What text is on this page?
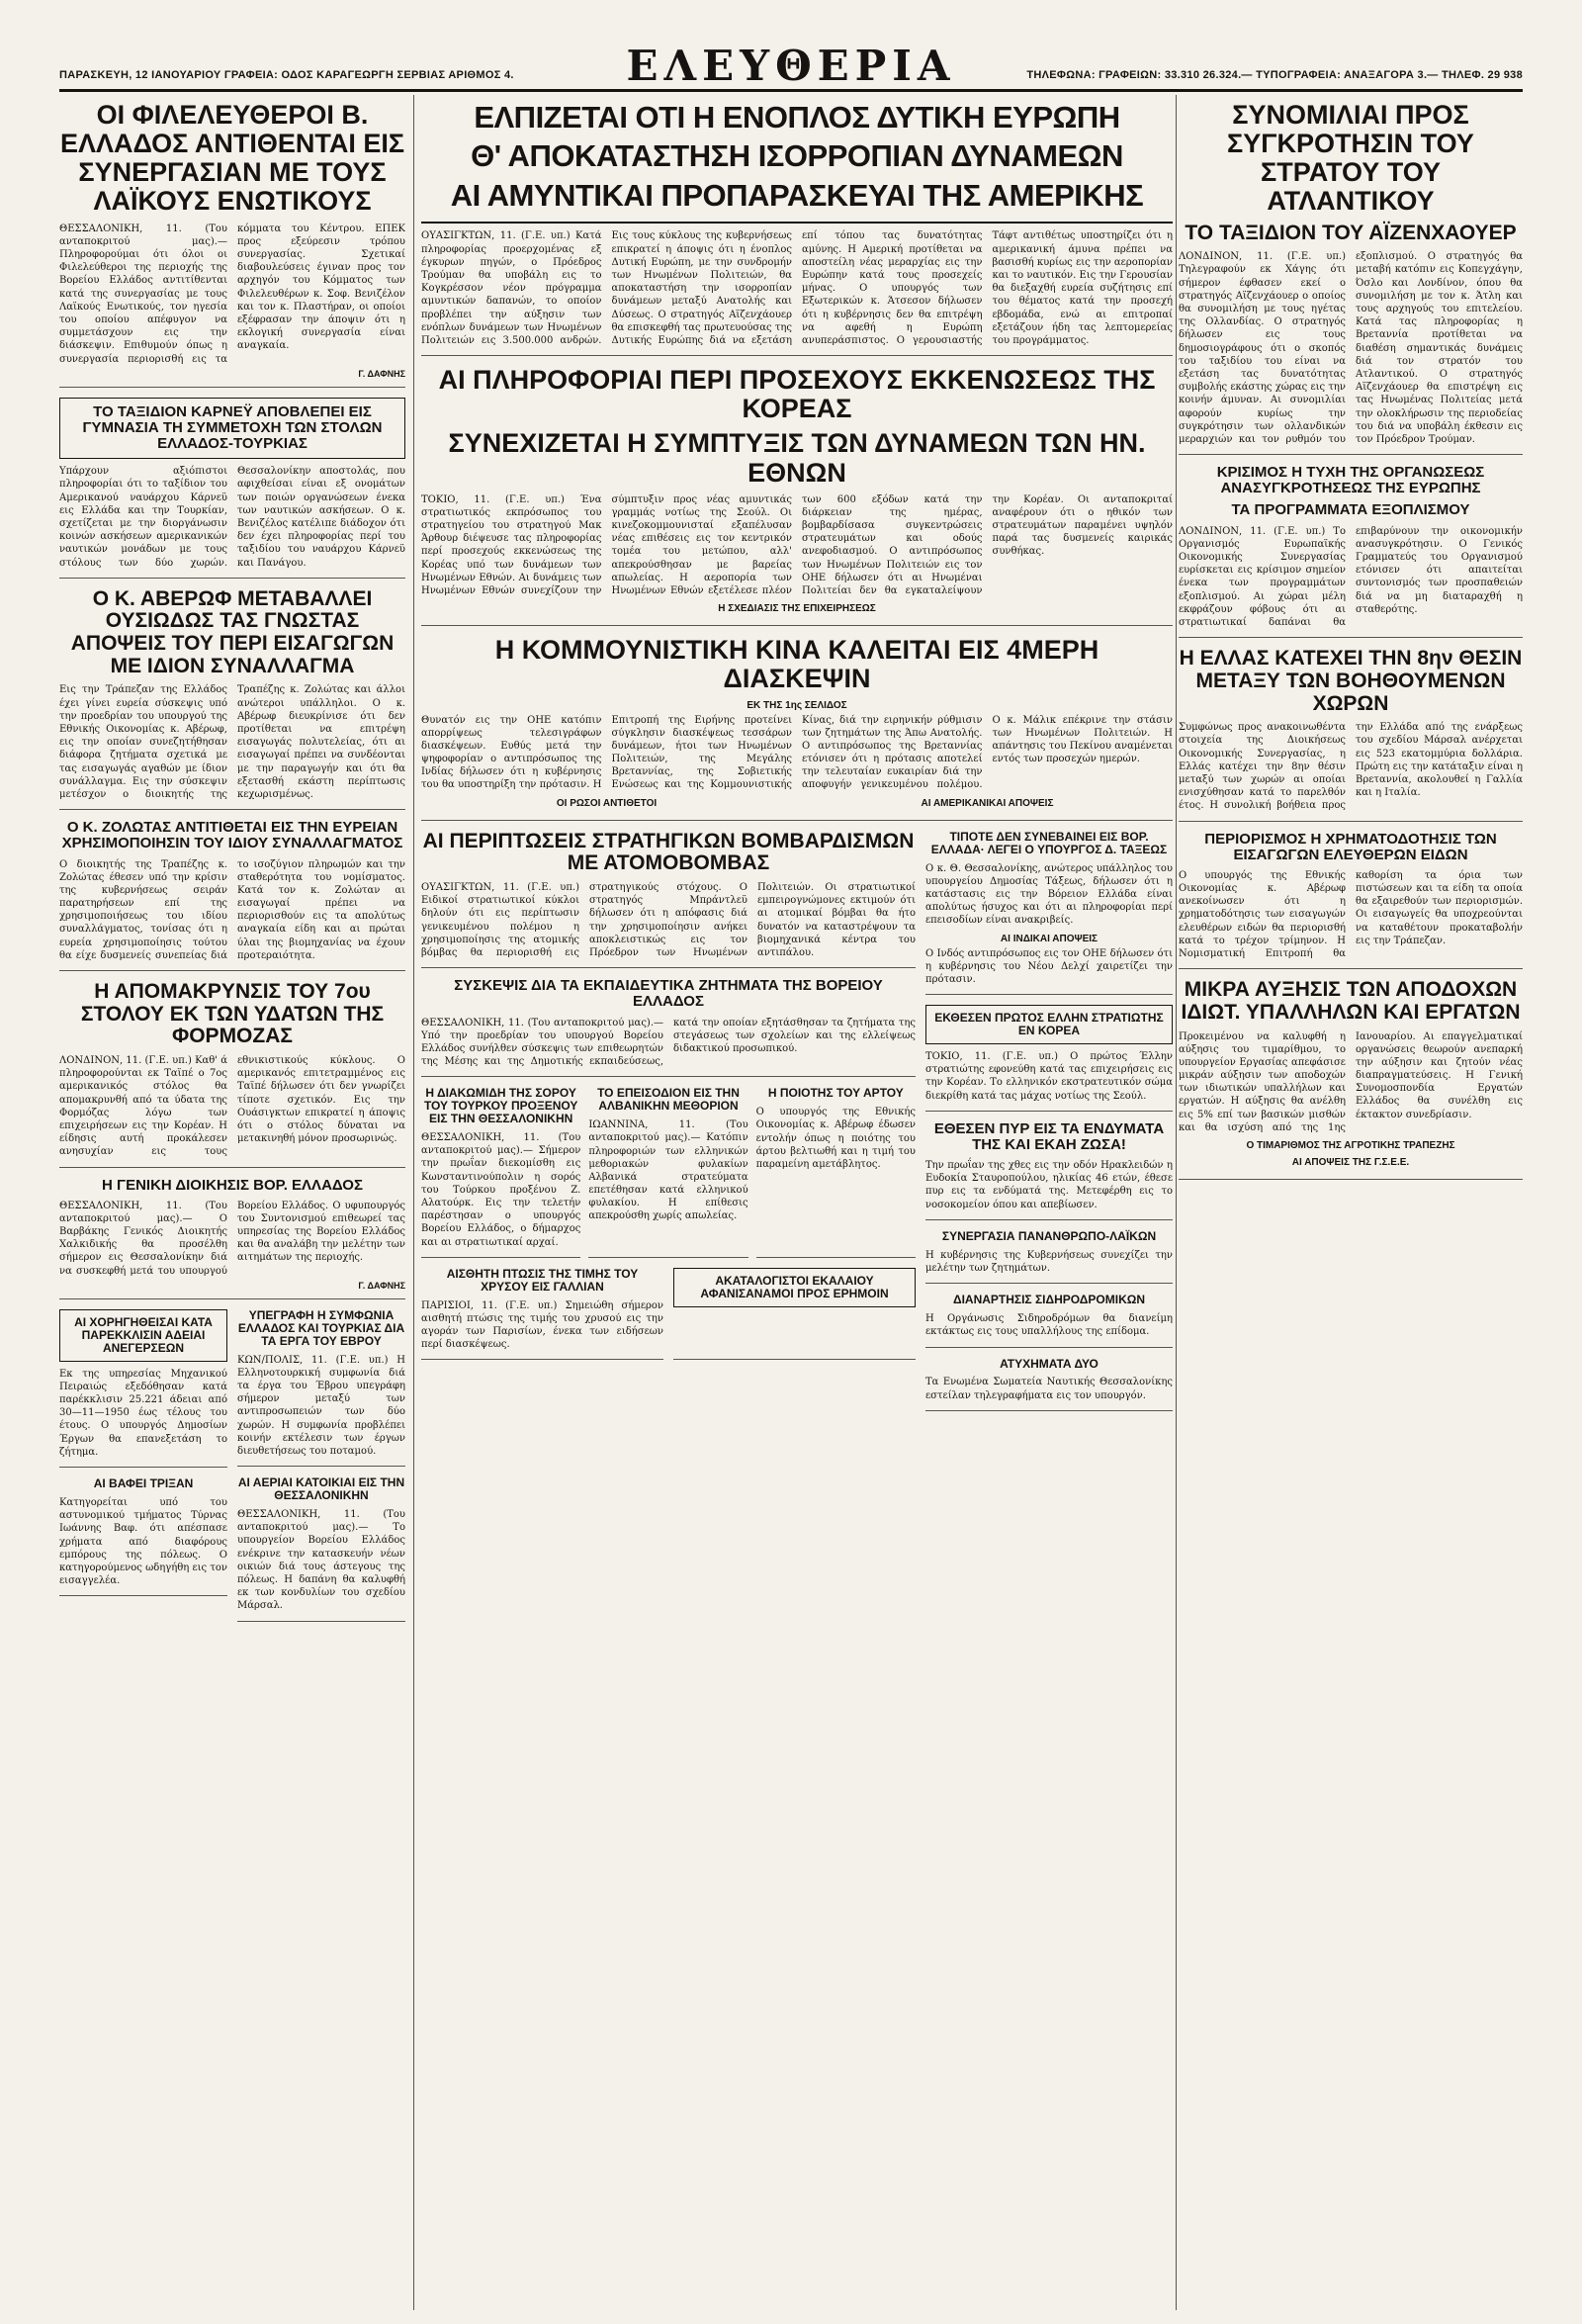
ΠΑΡΑΣΚΕΥΗ, 12 ΙΑΝΟΥΑΡΙΟΥ ΓΡΑΦΕΙΑ: ΟΔΟΣ ΚΑΡΑΓΕΩΡΓΗ ΣΕΡΒΙΑΣ ΑΡΙΘΜΟΣ 4.	ΕΛΕΥΘΕΡΙΑ	ΤΗΛΕΦΩΝΑ: ΓΡΑΦΕΙΩΝ: 33.310 26.324.— ΤΥΠΟΓΡΑΦΕΙΑ: ΑΝΑΞΑΓΟΡΑ 3.— ΤΗΛΕΦ. 29 938
ΟΙ ΦΙΛΕΛΕΥΘΕΡΟΙ Β. ΕΛΛΑΔΟΣ ΑΝΤΙΘΕΝΤΑΙ ΕΙΣ ΣΥΝΕΡΓΑΣΙΑΝ ΜΕ ΤΟΥΣ ΛΑΪΚΟΥΣ ΕΝΩΤΙΚΟΥΣ

ΘΕΣΣΑΛΟΝΙΚΗ, 11. (Του ανταποκριτού μας).— Πληροφορούμαι ότι όλοι οι Φιλελεύθεροι της περιοχής της Βορείου Ελλάδος αντιτίθενται κατά της συνεργασίας με τους Λαϊκούς Ενωτικούς, τον ηγεσία του οποίου απέφυγον να συμμετάσχουν εις την διάσκεψιν. Επιθυμούν όπως η συνεργασία περιορισθή εις τα κόμματα του Κέντρου. ΕΠΕΚ προς εξεύρεσιν τρόπου συνεργασίας. Σχετικαί διαβουλεύσεις έγιναν προς τον αρχηγόν του Κόμματος των Φιλελευθέρων κ. Σοφ. Βενιζέλον και τον κ. Πλαστήραν, οι οποίοι εξέφρασαν την άποψιν ότι η εκλογική συνεργασία είναι αναγκαία.

Γ. ΔΑΦΝΗΣ
ΤΟ ΤΑΞΙΔΙΟΝ ΚΑΡΝΕΫ ΑΠΟΒΛΕΠΕΙ ΕΙΣ ΓΥΜΝΑΣΙΑ ΤΗ ΣΥΜΜΕΤΟΧΗ ΤΩΝ ΣΤΟΛΩΝ ΕΛΛΑΔΟΣ-ΤΟΥΡΚΙΑΣ

Υπάρχουν αξιόπιστοι πληροφορίαι ότι το ταξίδιον του Αμερικανού ναυάρχου Κάρνεϋ εις Ελλάδα και την Τουρκίαν, σχετίζεται με την διοργάνωσιν κοινών ασκήσεων αμερικανικών ναυτικών μονάδων με τους στόλους των δύο χωρών. Θεσσαλονίκην αποστολάς, που αφιχθείσαι είναι εξ ονομάτων των ποιών οργανώσεων ένεκα των ναυτικών ασκήσεων. Ο κ. Βενιζέλος κατέλιπε διάδοχον ότι δεν έχει πληροφορίας περί του ταξιδίου του ναυάρχου Κάρνεϋ και Πανάγου.

Ο Κ. ΑΒΕΡΩΦ ΜΕΤΑΒΑΛΛΕΙ ΟΥΣΙΩΔΩΣ ΤΑΣ ΓΝΩΣΤΑΣ ΑΠΟΨΕΙΣ ΤΟΥ ΠΕΡΙ ΕΙΣΑΓΩΓΩΝ ΜΕ ΙΔΙΟΝ ΣΥΝΑΛΛΑΓΜΑ

Εις την Τράπεζαν της Ελλάδος έχει γίνει ευρεία σύσκεψις υπό την προεδρίαν του υπουργού της Εθνικής Οικονομίας κ. Αβέρωφ, εις την οποίαν συνεζητήθησαν διάφορα ζητήματα σχετικά με τας εισαγωγάς αγαθών με ίδιον συνάλλαγμα. Εις την σύσκεψιν μετέσχον ο διοικητής της Τραπέζης κ. Ζολώτας και άλλοι ανώτεροι υπάλληλοι. Ο κ. Αβέρωφ διευκρίνισε ότι δεν προτίθεται να επιτρέψη εισαγωγάς πολυτελείας, ότι αι εισαγωγαί πρέπει να συνδέονται με την παραγωγήν και ότι θα εξετασθή εκάστη περίπτωσις κεχωρισμένως.

Ο Κ. ΖΟΛΩΤΑΣ ΑΝΤΙΤΙΘΕΤΑΙ ΕΙΣ ΤΗΝ ΕΥΡΕΙΑΝ ΧΡΗΣΙΜΟΠΟΙΗΣΙΝ ΤΟΥ ΙΔΙΟΥ ΣΥΝΑΛΛΑΓΜΑΤΟΣ

Ο διοικητής της Τραπέζης κ. Ζολώτας έθεσεν υπό την κρίσιν της κυβερνήσεως σειράν παρατηρήσεων επί της χρησιμοποιήσεως του ιδίου συναλλάγματος, τονίσας ότι η ευρεία χρησιμοποίησις τούτου θα είχε δυσμενείς συνεπείας διά το ισοζύγιον πληρωμών και την σταθερότητα του νομίσματος. Κατά τον κ. Ζολώταν αι εισαγωγαί πρέπει να περιορισθούν εις τα απολύτως αναγκαία είδη και αι πρώται ύλαι της βιομηχανίας να έχουν προτεραιότητα.

Η ΑΠΟΜΑΚΡΥΝΣΙΣ ΤΟΥ 7ου ΣΤΟΛΟΥ ΕΚ ΤΩΝ ΥΔΑΤΩΝ ΤΗΣ ΦΟΡΜΟΖΑΣ

ΛΟΝΔΙΝΟΝ, 11. (Γ.Ε. υπ.) Καθ' ά πληροφορούνται εκ Ταϊπέ ο 7ος αμερικανικός στόλος θα απομακρυνθή από τα ύδατα της Φορμόζας λόγω των επιχειρήσεων εις την Κορέαν. Η είδησις αυτή προκάλεσεν ανησυχίαν εις τους εθνικιστικούς κύκλους. Ο αμερικανός επιτετραμμένος εις Ταϊπέ δήλωσεν ότι δεν γνωρίζει τίποτε σχετικόν. Εις την Ουάσιγκτων επικρατεί η άποψις ότι ο στόλος δύναται να μετακινηθή μόνον προσωρινώς.

Η ΓΕΝΙΚΗ ΔΙΟΙΚΗΣΙΣ ΒΟΡ. ΕΛΛΑΔΟΣ

ΘΕΣΣΑΛΟΝΙΚΗ, 11. (Του ανταποκριτού μας).— Ο Βαρβάκης Γενικός Διοικητής Χαλκιδικής θα προσέλθη σήμερον εις Θεσσαλονίκην διά να συσκεφθή μετά του υπουργού Βορείου Ελλάδος. Ο υφυπουργός του Συντονισμού επιθεωρεί τας υπηρεσίας της Βορείου Ελλάδος και θα αναλάβη την μελέτην των αιτημάτων της περιοχής.

Γ. ΔΑΦΝΗΣ
ΑΙ ΧΟΡΗΓΗΘΕΙΣΑΙ ΚΑΤΑ ΠΑΡΕΚΚΛΙΣΙΝ ΑΔΕΙΑΙ ΑΝΕΓΕΡΣΕΩΝ

Εκ της υπηρεσίας Μηχανικού Πειραιώς εξεδόθησαν κατά παρέκκλισιν 25.221 άδειαι από 30—11—1950 έως τέλους του έτους. Ο υπουργός Δημοσίων Έργων θα επανεξετάση το ζήτημα.

ΑΙ ΒΑΦΕΙ ΤΡΙΞΑΝ

Κατηγορείται υπό του αστυνομικού τμήματος Τύρνας Ιωάννης Βαφ. ότι απέσπασε χρήματα από διαφόρους εμπόρους της πόλεως. Ο κατηγορούμενος ωδηγήθη εις τον εισαγγελέα.

ΥΠΕΓΡΑΦΗ Η ΣΥΜΦΩΝΙΑ ΕΛΛΑΔΟΣ ΚΑΙ ΤΟΥΡΚΙΑΣ ΔΙΑ ΤΑ ΕΡΓΑ ΤΟΥ ΕΒΡΟΥ

ΚΩΝ/ΠΟΛΙΣ, 11. (Γ.Ε. υπ.) Η Ελληνοτουρκική συμφωνία διά τα έργα του Έβρου υπεγράφη σήμερον μεταξύ των αντιπροσωπειών των δύο χωρών. Η συμφωνία προβλέπει κοινήν εκτέλεσιν των έργων διευθετήσεως του ποταμού.

ΑΙ ΑΕΡΙΑΙ ΚΑΤΟΙΚΙΑΙ ΕΙΣ ΤΗΝ ΘΕΣΣΑΛΟΝΙΚΗΝ

ΘΕΣΣΑΛΟΝΙΚΗ, 11. (Του ανταποκριτού μας).— Το υπουργείον Βορείου Ελλάδος ενέκρινε την κατασκευήν νέων οικιών διά τους άστεγους της πόλεως. Η δαπάνη θα καλυφθή εκ των κονδυλίων του σχεδίου Μάρσαλ.

ΕΛΠΙΖΕΤΑΙ ΟΤΙ Η ΕΝΟΠΛΟΣ ΔΥΤΙΚΗ ΕΥΡΩΠΗ
Θ' ΑΠΟΚΑΤΑΣΤΗΣΗ ΙΣΟΡΡΟΠΙΑΝ ΔΥΝΑΜΕΩΝ
ΑΙ ΑΜΥΝΤΙΚΑΙ ΠΡΟΠΑΡΑΣΚΕΥΑΙ ΤΗΣ ΑΜΕΡΙΚΗΣ

ΟΥΑΣΙΓΚΤΩΝ, 11. (Γ.Ε. υπ.) Κατά πληροφορίας προερχομένας εξ έγκυρων πηγών, ο Πρόεδρος Τρούμαν θα υποβάλη εις το Κογκρέσσον νέον πρόγραμμα αμυντικών δαπανών, το οποίον προβλέπει την αύξησιν των ενόπλων δυνάμεων των Ηνωμένων Πολιτειών εις 3.500.000 ανδρών. Εις τους κύκλους της κυβερνήσεως επικρατεί η άποψις ότι η ένοπλος Δυτική Ευρώπη, με την συνδρομήν των Ηνωμένων Πολιτειών, θα αποκαταστήση την ισορροπίαν δυνάμεων μεταξύ Ανατολής και Δύσεως. Ο στρατηγός Αϊζενχάουερ θα επισκεφθή τας πρωτευούσας της Δυτικής Ευρώπης διά να εξετάση επί τόπου τας δυνατότητας αμύνης. Η Αμερική προτίθεται να αποστείλη νέας μεραρχίας εις την Ευρώπην κατά τους προσεχείς μήνας. Ο υπουργός των Εξωτερικών κ. Άτσεσον δήλωσεν ότι η κυβέρνησις δεν θα επιτρέψη να αφεθή η Ευρώπη ανυπεράσπιστος. Ο γερουσιαστής Τάφτ αντιθέτως υποστηρίζει ότι η αμερικανική άμυνα πρέπει να βασισθή κυρίως εις την αεροπορίαν και το ναυτικόν. Εις την Γερουσίαν θα διεξαχθή ευρεία συζήτησις επί του θέματος κατά την προσεχή εβδομάδα, ενώ αι επιτροπαί εξετάζουν ήδη τας λεπτομερείας του προγράμματος.

ΑΙ ΠΛΗΡΟΦΟΡΙΑΙ ΠΕΡΙ ΠΡΟΣΕΧΟΥΣ ΕΚΚΕΝΩΣΕΩΣ ΤΗΣ ΚΟΡΕΑΣ
ΣΥΝΕΧΙΖΕΤΑΙ Η ΣΥΜΠΤΥΞΙΣ ΤΩΝ ΔΥΝΑΜΕΩΝ ΤΩΝ ΗΝ. ΕΘΝΩΝ

ΤΟΚΙΟ, 11. (Γ.Ε. υπ.) Ένα στρατιωτικός εκπρόσωπος του στρατηγείου του στρατηγού Μακ Άρθουρ διέψευσε τας πληροφορίας περί προσεχούς εκκενώσεως της Κορέας υπό των δυνάμεων των Ηνωμένων Εθνών. Αι δυνάμεις των Ηνωμένων Εθνών συνεχίζουν την σύμπτυξιν προς νέας αμυντικάς γραμμάς νοτίως της Σεούλ. Οι κινεζοκομμουνισταί εξαπέλυσαν νέας επιθέσεις εις τον κεντρικόν τομέα του μετώπου, αλλ' απεκρούσθησαν με βαρείας απωλείας. Η αεροπορία των Ηνωμένων Εθνών εξετέλεσε πλέον των 600 εξόδων κατά την διάρκειαν της ημέρας, βομβαρδίσασα συγκεντρώσεις στρατευμάτων και οδούς ανεφοδιασμού. Ο αντιπρόσωπος των Ηνωμένων Πολιτειών εις τον ΟΗΕ δήλωσεν ότι αι Ηνωμέναι Πολιτείαι δεν θα εγκαταλείψουν την Κορέαν. Οι ανταποκριταί αναφέρουν ότι ο ηθικόν των στρατευμάτων παραμένει υψηλόν παρά τας δυσμενείς καιρικάς συνθήκας.

Η ΣΧΕΔΙΑΣΙΣ ΤΗΣ ΕΠΙΧΕΙΡΗΣΕΩΣ
Η ΚΟΜΜΟΥΝΙΣΤΙΚΗ ΚΙΝΑ ΚΑΛΕΙΤΑΙ ΕΙΣ 4ΜΕΡΗ ΔΙΑΣΚΕΨΙΝ
ΕΚ ΤΗΣ 1ης ΣΕΛΙΔΟΣ

Θυνατόν εις την ΟΗΕ κατόπιν απορρίψεως τελεσιγράφων διασκέψεων. Ευθύς μετά την ψηφοφορίαν ο αντιπρόσωπος της Ινδίας δήλωσεν ότι η κυβέρνησις του θα υποστηρίξη την πρότασιν. Η Επιτροπή της Ειρήνης προτείνει σύγκλησιν διασκέψεως τεσσάρων δυνάμεων, ήτοι των Ηνωμένων Πολιτειών, της Μεγάλης Βρεταννίας, της Σοβιετικής Ενώσεως και της Κομμουνιστικής Κίνας, διά την ειρηνικήν ρύθμισιν των ζητημάτων της Άπω Ανατολής. Ο αντιπρόσωπος της Βρεταννίας ετόνισεν ότι η πρότασις αποτελεί την τελευταίαν ευκαιρίαν διά την αποφυγήν γενικευμένου πολέμου. Ο κ. Μάλικ επέκρινε την στάσιν των Ηνωμένων Πολιτειών. Η απάντησις του Πεκίνου αναμένεται εντός των προσεχών ημερών.

ΟΙ ΡΩΣΟΙ ΑΝΤΙΘΕΤΟΙ	ΑΙ ΑΜΕΡΙΚΑΝΙΚΑΙ ΑΠΟΨΕΙΣ
ΑΙ ΠΕΡΙΠΤΩΣΕΙΣ ΣΤΡΑΤΗΓΙΚΩΝ ΒΟΜΒΑΡΔΙΣΜΩΝ ΜΕ ΑΤΟΜΟΒΟΜΒΑΣ

ΟΥΑΣΙΓΚΤΩΝ, 11. (Γ.Ε. υπ.) Ειδικοί στρατιωτικοί κύκλοι δηλούν ότι εις περίπτωσιν γενικευμένου πολέμου η χρησιμοποίησις της ατομικής βόμβας θα περιορισθή εις στρατηγικούς στόχους. Ο στρατηγός Μπράντλεϋ δήλωσεν ότι η απόφασις διά την χρησιμοποίησιν ανήκει αποκλειστικώς εις τον Πρόεδρον των Ηνωμένων Πολιτειών. Οι στρατιωτικοί εμπειρογνώμονες εκτιμούν ότι αι ατομικαί βόμβαι θα ήτο δυνατόν να καταστρέψουν τα βιομηχανικά κέντρα του αντιπάλου.

ΣΥΣΚΕΨΙΣ ΔΙΑ ΤΑ ΕΚΠΑΙΔΕΥΤΙΚΑ ΖΗΤΗΜΑΤΑ ΤΗΣ ΒΟΡΕΙΟΥ ΕΛΛΑΔΟΣ

ΘΕΣΣΑΛΟΝΙΚΗ, 11. (Του ανταποκριτού μας).— Υπό την προεδρίαν του υπουργού Βορείου Ελλάδος συνήλθεν σύσκεψις των επιθεωρητών της Μέσης και της Δημοτικής εκπαιδεύσεως, κατά την οποίαν εξητάσθησαν τα ζητήματα της στεγάσεως των σχολείων και της ελλείψεως διδακτικού προσωπικού.

Η ΔΙΑΚΩΜΙΔΗ ΤΗΣ ΣΟΡΟΥ ΤΟΥ ΤΟΥΡΚΟΥ ΠΡΟΞΕΝΟΥ ΕΙΣ ΤΗΝ ΘΕΣΣΑΛΟΝΙΚΗΝ

ΘΕΣΣΑΛΟΝΙΚΗ, 11. (Του ανταποκριτού μας).— Σήμερον την πρωΐαν διεκομίσθη εις Κωνσταντινούπολιν η σορός του Τούρκου προξένου Ζ. Αλατούρκ. Εις την τελετήν παρέστησαν ο υπουργός Βορείου Ελλάδος, ο δήμαρχος και αι στρατιωτικαί αρχαί.

ΤΟ ΕΠΕΙΣΟΔΙΟΝ ΕΙΣ ΤΗΝ ΑΛΒΑΝΙΚΗΝ ΜΕΘΟΡΙΟΝ

ΙΩΑΝΝΙΝΑ, 11. (Του ανταποκριτού μας).— Κατόπιν πληροφοριών των ελληνικών μεθοριακών φυλακίων Αλβανικά στρατεύματα επετέθησαν κατά ελληνικού φυλακίου. Η επίθεσις απεκρούσθη χωρίς απωλείας.

Η ΠΟΙΟΤΗΣ ΤΟΥ ΑΡΤΟΥ

Ο υπουργός της Εθνικής Οικονομίας κ. Αβέρωφ έδωσεν εντολήν όπως η ποιότης του άρτου βελτιωθή και η τιμή του παραμείνη αμετάβλητος.

ΑΙΣΘΗΤΗ ΠΤΩΣΙΣ ΤΗΣ ΤΙΜΗΣ ΤΟΥ ΧΡΥΣΟΥ ΕΙΣ ΓΑΛΛΙΑΝ

ΠΑΡΙΣΙΟΙ, 11. (Γ.Ε. υπ.) Σημειώθη σήμερον αισθητή πτώσις της τιμής του χρυσού εις την αγοράν των Παρισίων, ένεκα των ειδήσεων περί διασκέψεως.

ΑΚΑΤΑΛΟΓΙΣΤΟΙ ΕΚΑΛΑΙΟΥ ΑΦΑΝΙΣΑΝΑΜΟΙ ΠΡΟΣ ΕΡΗΜΟΙΝ
ΤΙΠΟΤΕ ΔΕΝ ΣΥΝΕΒΑΙΝΕΙ ΕΙΣ ΒΟΡ. ΕΛΛΑΔΑ· ΛΕΓΕΙ Ο ΥΠΟΥΡΓΟΣ Δ. ΤΑΞΕΩΣ

Ο κ. Θ. Θεσσαλονίκης, ανώτερος υπάλληλος του υπουργείου Δημοσίας Τάξεως, δήλωσεν ότι η κατάστασις εις την Βόρειον Ελλάδα είναι απολύτως ήσυχος και ότι αι πληροφορίαι περί επεισοδίων είναι ανακριβείς.

ΑΙ ΙΝΔΙΚΑΙ ΑΠΟΨΕΙΣ

Ο Ινδός αντιπρόσωπος εις τον ΟΗΕ δήλωσεν ότι η κυβέρνησις του Νέου Δελχί χαιρετίζει την πρότασιν.

ΕΚΘΕΣΕΝ ΠΡΩΤΟΣ ΕΛΛΗΝ ΣΤΡΑΤΙΩΤΗΣ ΕΝ ΚΟΡΕΑ

ΤΟΚΙΟ, 11. (Γ.Ε. υπ.) Ο πρώτος Έλλην στρατιώτης εφονεύθη κατά τας επιχειρήσεις εις την Κορέαν. Το ελληνικόν εκστρατευτικόν σώμα διεκρίθη κατά τας μάχας νοτίως της Σεούλ.

ΕΘΕΣΕΝ ΠΥΡ ΕΙΣ ΤΑ ΕΝΔΥΜΑΤΑ ΤΗΣ ΚΑΙ ΕΚΑΗ ΖΩΣΑ!

Την πρωΐαν της χθες εις την οδόν Ηρακλειδών η Ευδοκία Σταυροπούλου, ηλικίας 46 ετών, έθεσε πυρ εις τα ενδύματά της. Μετεφέρθη εις το νοσοκομείον όπου και απεβίωσεν.

ΣΥΝΕΡΓΑΣΙΑ ΠΑΝΑΝΘΡΩΠΟ-ΛΑΪΚΩΝ

Η κυβέρνησις της Κυβερνήσεως συνεχίζει την μελέτην των ζητημάτων.

ΔΙΑΝΑΡΤΗΣΙΣ ΣΙΔΗΡΟΔΡΟΜΙΚΩΝ

Η Οργάνωσις Σιδηροδρόμων θα διανείμη εκτάκτως εις τους υπαλλήλους της επίδομα.

ΑΤΥΧΗΜΑΤΑ ΔΥΟ

Τα Ενωμένα Σωματεία Ναυτικής Θεσσαλονίκης εστείλαν τηλεγραφήματα εις τον υπουργόν.

ΣΥΝΟΜΙΛΙΑΙ ΠΡΟΣ ΣΥΓΚΡΟΤΗΣΙΝ ΤΟΥ ΣΤΡΑΤΟΥ ΤΟΥ ΑΤΛΑΝΤΙΚΟΥ
ΤΟ ΤΑΞΙΔΙΟΝ ΤΟΥ ΑΪΖΕΝΧΑΟΥΕΡ

ΛΟΝΔΙΝΟΝ, 11. (Γ.Ε. υπ.) Τηλεγραφούν εκ Χάγης ότι σήμερον έφθασεν εκεί ο στρατηγός Αϊζενχάουερ ο οποίος θα συνομιλήση με τους ηγέτας της Ολλανδίας. Ο στρατηγός δήλωσεν εις τους δημοσιογράφους ότι ο σκοπός του ταξιδίου του είναι να εξετάση τας δυνατότητας συμβολής εκάστης χώρας εις την κοινήν άμυναν. Αι συνομιλίαι αφορούν κυρίως την συγκρότησιν των ολλανδικών μεραρχιών και τον ρυθμόν του εξοπλισμού. Ο στρατηγός θα μεταβή κατόπιν εις Κοπεγχάγην, Όσλο και Λονδίνον, όπου θα συνομιλήση με τον κ. Άτλη και τους αρχηγούς του επιτελείου. Κατά τας πληροφορίας η Βρεταννία προτίθεται να διαθέση σημαντικάς δυνάμεις διά τον στρατόν του Ατλαντικού. Ο στρατηγός Αϊζενχάουερ θα επιστρέψη εις τας Ηνωμένας Πολιτείας μετά την ολοκλήρωσιν της περιοδείας του διά να υποβάλη έκθεσιν εις τον Πρόεδρον Τρούμαν.

ΚΡΙΣΙΜΟΣ Η ΤΥΧΗ ΤΗΣ ΟΡΓΑΝΩΣΕΩΣ ΑΝΑΣΥΓΚΡΟΤΗΣΕΩΣ ΤΗΣ ΕΥΡΩΠΗΣ
ΤΑ ΠΡΟΓΡΑΜΜΑΤΑ ΕΞΟΠΛΙΣΜΟΥ

ΛΟΝΔΙΝΟΝ, 11. (Γ.Ε. υπ.) Το Οργανισμός Ευρωπαϊκής Οικονομικής Συνεργασίας ευρίσκεται εις κρίσιμον σημείον ένεκα των προγραμμάτων εξοπλισμού. Αι χώραι μέλη εκφράζουν φόβους ότι αι στρατιωτικαί δαπάναι θα επιβαρύνουν την οικονομικήν ανασυγκρότησιν. Ο Γενικός Γραμματεύς του Οργανισμού ετόνισεν ότι απαιτείται συντονισμός των προσπαθειών διά να μη διαταραχθή η σταθερότης.

Η ΕΛΛΑΣ ΚΑΤΕΧΕΙ ΤΗΝ 8ην ΘΕΣΙΝ ΜΕΤΑΞΥ ΤΩΝ ΒΟΗΘΟΥΜΕΝΩΝ ΧΩΡΩΝ

Συμφώνως προς ανακοινωθέντα στοιχεία της Διοικήσεως Οικονομικής Συνεργασίας, η Ελλάς κατέχει την 8ην θέσιν μεταξύ των χωρών αι οποίαι ενισχύθησαν κατά το παρελθόν έτος. Η συνολική βοήθεια προς την Ελλάδα από της ενάρξεως του σχεδίου Μάρσαλ ανέρχεται εις 523 εκατομμύρια δολλάρια. Πρώτη εις την κατάταξιν είναι η Βρεταννία, ακολουθεί η Γαλλία και η Ιταλία.

ΠΕΡΙΟΡΙΣΜΟΣ Η ΧΡΗΜΑΤΟΔΟΤΗΣΙΣ ΤΩΝ ΕΙΣΑΓΩΓΩΝ ΕΛΕΥΘΕΡΩΝ ΕΙΔΩΝ

Ο υπουργός της Εθνικής Οικονομίας κ. Αβέρωφ ανεκοίνωσεν ότι η χρηματοδότησις των εισαγωγών ελευθέρων ειδών θα περιορισθή κατά το τρέχον τρίμηνον. Η Νομισματική Επιτροπή θα καθορίση τα όρια των πιστώσεων και τα είδη τα οποία θα εξαιρεθούν των περιορισμών. Οι εισαγωγείς θα υποχρεούνται να καταθέτουν προκαταβολήν εις την Τράπεζαν.

ΜΙΚΡΑ ΑΥΞΗΣΙΣ ΤΩΝ ΑΠΟΔΟΧΩΝ ΙΔΙΩΤ. ΥΠΑΛΛΗΛΩΝ ΚΑΙ ΕΡΓΑΤΩΝ

Προκειμένου να καλυφθή η αύξησις του τιμαρίθμου, το υπουργείον Εργασίας απεφάσισε μικράν αύξησιν των αποδοχών των ιδιωτικών υπαλλήλων και εργατών. Η αύξησις θα ανέλθη εις 5% επί των βασικών μισθών και θα ισχύση από της 1ης Ιανουαρίου. Αι επαγγελματικαί οργανώσεις θεωρούν ανεπαρκή την αύξησιν και ζητούν νέας διαπραγματεύσεις. Η Γενική Συνομοσπονδία Εργατών Ελλάδος θα συνέλθη εις έκτακτον συνεδρίασιν.

Ο ΤΙΜΑΡΙΘΜΟΣ ΤΗΣ ΑΓΡΟΤΙΚΗΣ ΤΡΑΠΕΖΗΣ
ΑΙ ΑΠΟΨΕΙΣ ΤΗΣ Γ.Σ.Ε.Ε.
